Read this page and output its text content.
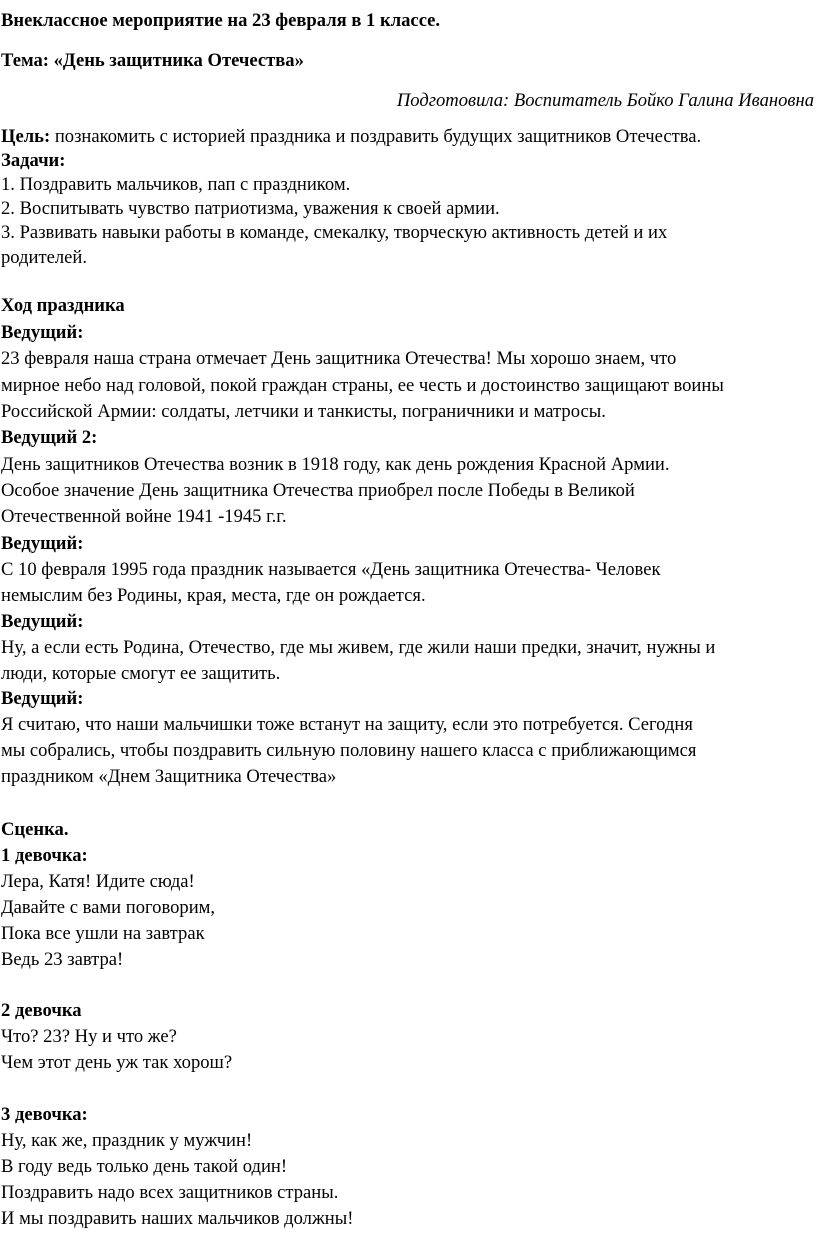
Внеклассное мероприятие на 23 февраля в 1 классе.
Тема: «День защитника Отечества»
Подготовила: Воспитатель Бойко Галина Ивановна
Цель: познакомить с историей праздника и поздравить будущих защитников Отечества.
Задачи:
1. Поздравить мальчиков, пап с праздником.
2. Воспитывать чувство патриотизма, уважения к своей армии.
3. Развивать навыки работы в команде, смекалку, творческую активность детей и их
родителей.
Ход праздника
Ведущий:
23 февраля наша страна отмечает День защитника Отечества! Мы хорошо знаем, что
мирное небо над головой, покой граждан страны, ее честь и достоинство защищают воины
Российской Армии: солдаты, летчики и танкисты, пограничники и матросы.
Ведущий 2:
День защитников Отечества возник в 1918 году, как день рождения Красной Армии.
Особое значение День защитника Отечества приобрел после Победы в Великой
Отечественной войне 1941 -1945 г.г.
Ведущий:
С 10 февраля 1995 года праздник называется «День защитника Отечества- Человек
немыслим без Родины, края, места, где он рождается.
Ведущий:
Ну, а если есть Родина, Отечество, где мы живем, где жили наши предки, значит, нужны и
люди, которые смогут ее защитить.
Ведущий:
Я считаю, что наши мальчишки тоже встанут на защиту, если это потребуется. Сегодня
мы собрались, чтобы поздравить сильную половину нашего класса с приближающимся
праздником «Днем Защитника Отечества»
Сценка.
1 девочка:
Лера, Катя! Идите сюда!
Давайте с вами поговорим,
Пока все ушли на завтрак
Ведь 23 завтра!
2 девочка
Что? 23? Ну и что же?
Чем этот день уж так хорош?
3 девочка:
Ну, как же, праздник у мужчин!
В году ведь только день такой один!
Поздравить надо всех защитников страны.
И мы поздравить наших мальчиков должны!
